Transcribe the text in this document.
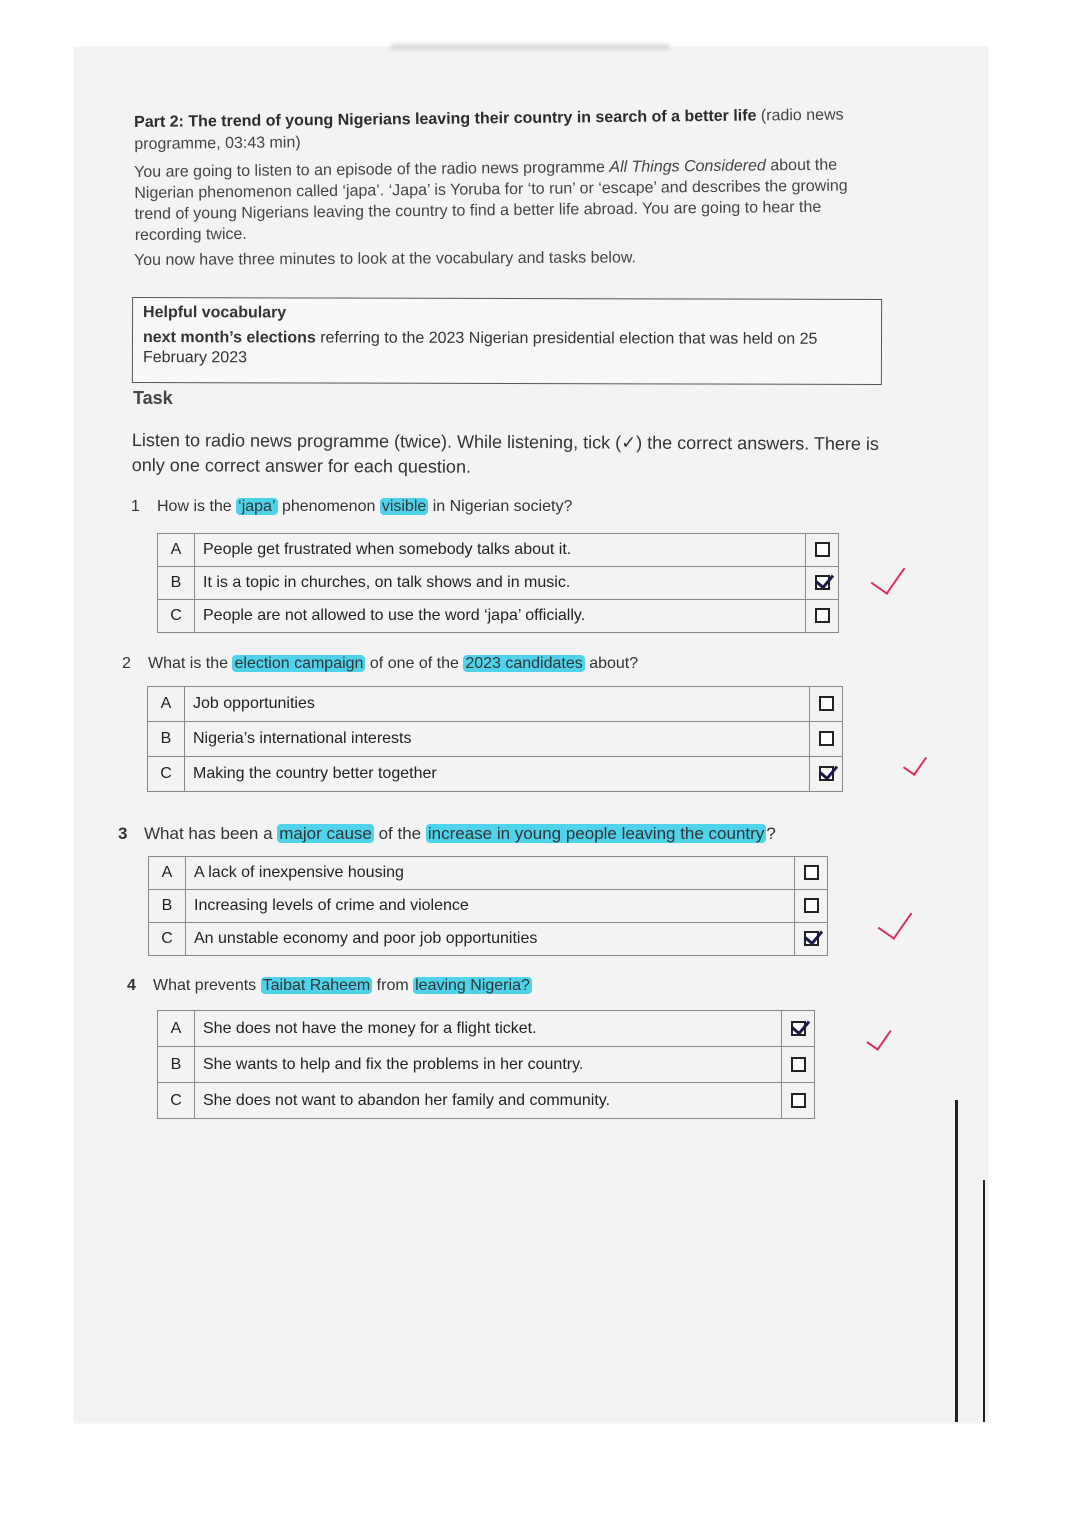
Part 2: The trend of young Nigerians leaving their country in search of a better life (radio news programme, 03:43 min)
You are going to listen to an episode of the radio news programme All Things Considered about the Nigerian phenomenon called ‘japa’. ‘Japa’ is Yoruba for ‘to run’ or ‘escape’ and describes the growing trend of young Nigerians leaving the country to find a better life abroad. You are going to hear the recording twice.
You now have three minutes to look at the vocabulary and tasks below.
Helpful vocabulary
next month’s elections referring to the 2023 Nigerian presidential election that was held on 25 February 2023
Task
Listen to radio news programme (twice). While listening, tick (✓) the correct answers. There is only one correct answer for each question.
1 How is the ‘japa’ phenomenon visible in Nigerian society?
A	People get frustrated when somebody talks about it.	
B	It is a topic in churches, on talk shows and in music.	
C	People are not allowed to use the word ‘japa’ officially.	
2 What is the election campaign of one of the 2023 candidates about?
A	Job opportunities	
B	Nigeria’s international interests	
C	Making the country better together	
3 What has been a major cause of the increase in young people leaving the country ?
A	A lack of inexpensive housing	
B	Increasing levels of crime and violence	
C	An unstable economy and poor job opportunities	
4 What prevents Taibat Raheem from leaving Nigeria?
A	She does not have the money for a flight ticket.	
B	She wants to help and fix the problems in her country.	
C	She does not want to abandon her family and community.	
